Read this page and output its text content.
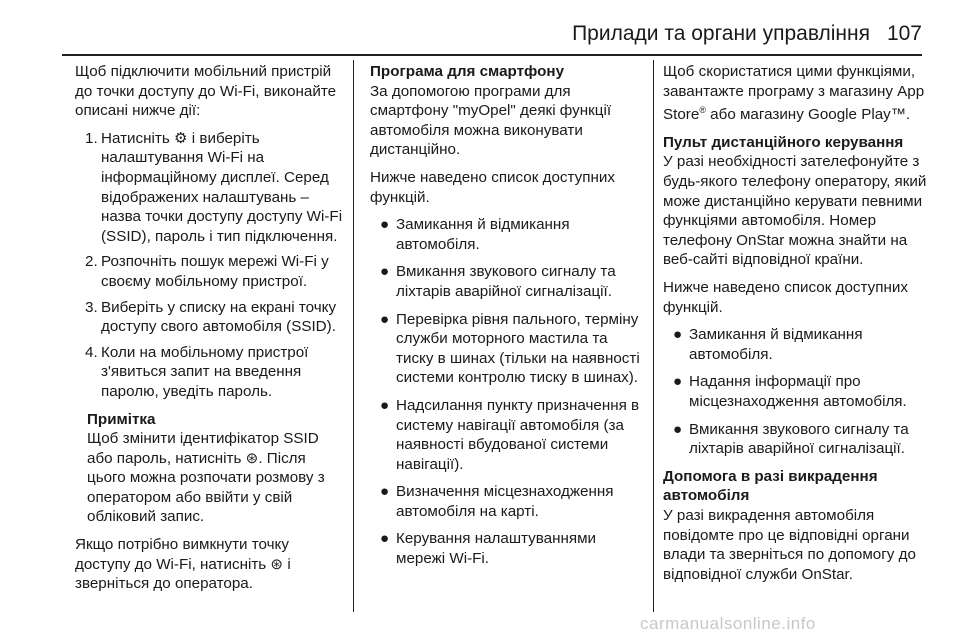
Прилади та органи управління 107

Щоб підключити мобільний пристрій до точки доступу до Wi-Fi, виконайте описані нижче дії:

1. Натисніть ⚙ і виберіть налаштування Wi-Fi на інформаційному дисплеї. Серед відображених налаштувань – назва точки доступу доступу Wi-Fi (SSID), пароль і тип підключення.
2. Розпочніть пошук мережі Wi-Fi у своєму мобільному пристрої.
3. Виберіть у списку на екрані точку доступу свого автомобіля (SSID).
4. Коли на мобільному пристрої з'явиться запит на введення паролю, уведіть пароль.
Примітка
Щоб змінити ідентифікатор SSID або пароль, натисніть ⊛. Після цього можна розпочати розмову з оператором або ввійти у свій обліковий запис.

Якщо потрібно вимкнути точку доступу до Wi-Fi, натисніть ⊛ і зверніться до оператора.

Програма для смартфону

За допомогою програми для смартфону "myOpel" деякі функції автомобіля можна виконувати дистанційно.

Нижче наведено список доступних функцій.

● Замикання й відмикання автомобіля.
● Вмикання звукового сигналу та ліхтарів аварійної сигналізації.
● Перевірка рівня пального, терміну служби моторного мастила та тиску в шинах (тільки на наявності системи контролю тиску в шинах).
● Надсилання пункту призначення в систему навігації автомобіля (за наявності вбудованої системи навігації).
● Визначення місцезнаходження автомобіля на карті.
● Керування налаштуваннями мережі Wi-Fi.

Щоб скористатися цими функціями, завантажте програму з магазину App Store® або магазину Google Play™.

Пульт дистанційного керування

У разі необхідності зателефонуйте з будь-якого телефону оператору, який може дистанційно керувати певними функціями автомобіля. Номер телефону OnStar можна знайти на веб-сайті відповідної країни.

Нижче наведено список доступних функцій.

● Замикання й відмикання автомобіля.
● Надання інформації про місцезнаходження автомобіля.
● Вмикання звукового сигналу та ліхтарів аварійної сигналізації.
Допомога в разі викрадення автомобіля

У разі викрадення автомобіля повідомте про це відповідні органи влади та зверніться по допомогу до відповідної служби OnStar.

carmanualsonline.info
